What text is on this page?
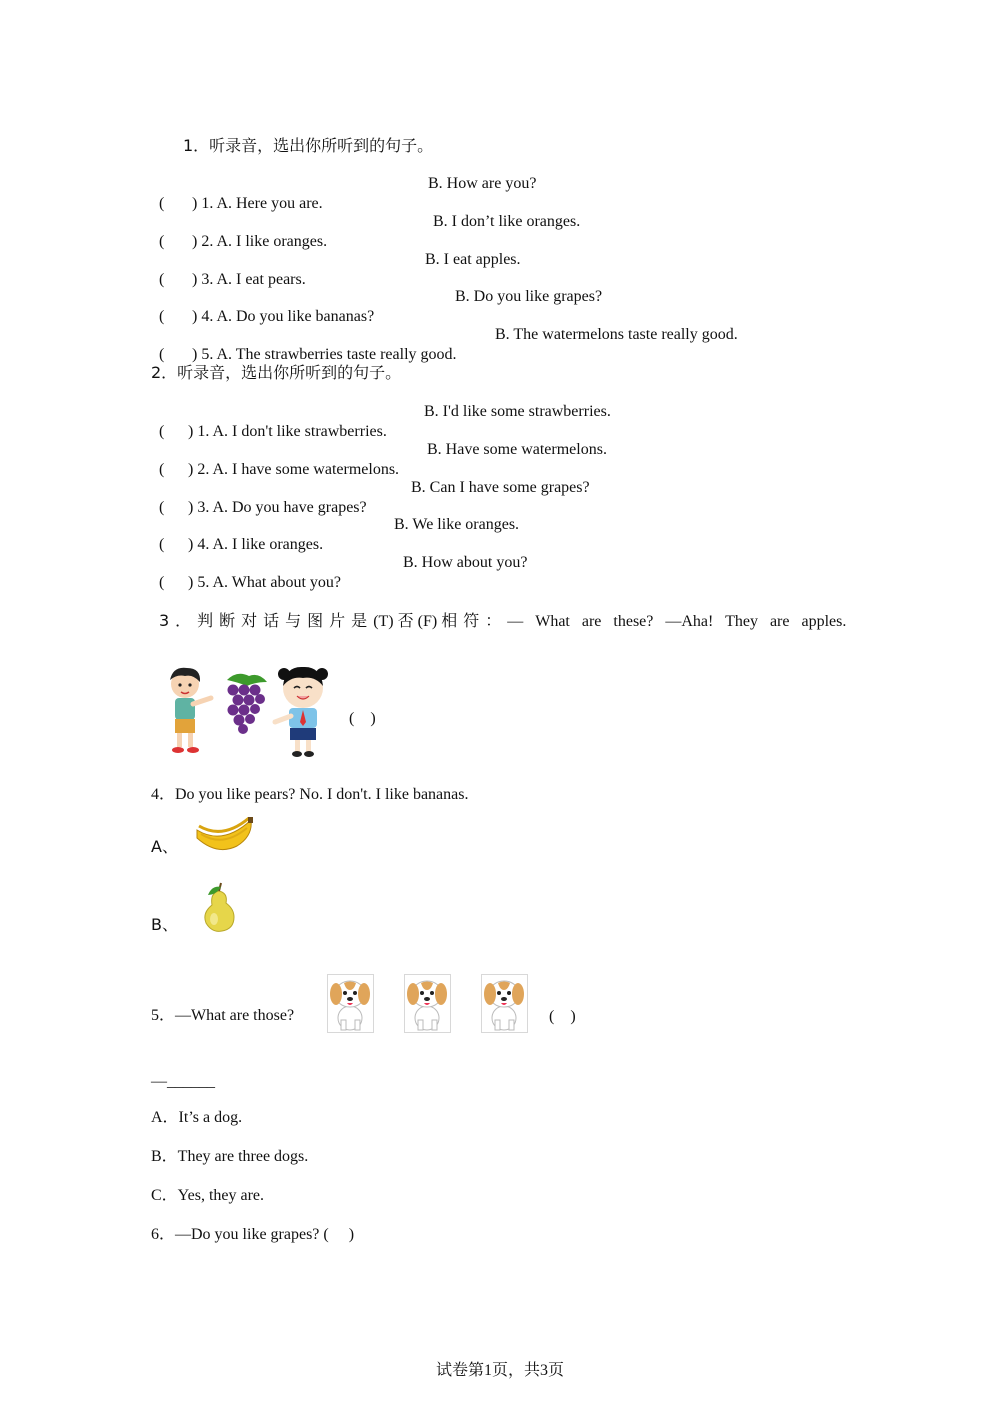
1．听录音，选出你所听到的句子。

( ) 1. A. Here you are.

B. How are you?

( ) 2. A. I like oranges.

B. I don’t like oranges.

( ) 3. A. I eat pears.

B. I eat apples.

( ) 4. A. Do you like bananas?

B. Do you like grapes?

( ) 5. A. The strawberries taste really good.

B. The watermelons taste really good.

2．听录音，选出你所听到的句子。

( ) 1. A. I don't like strawberries.

B. I'd like some strawberries.

( ) 2. A. I have some watermelons.

B. Have some watermelons.

( ) 3. A. Do you have grapes?

B. Can I have some grapes?

( ) 4. A. I like oranges.

B. We like oranges.

( ) 5. A. What about you?

B. How about you?

3．判断对话与图片是(T) 否 (F) 相符：— What are these? —Aha! They are apples.

(    )
4．Do you like pears? No. I don't. I like bananas.
A、
B、
5．—What are those?	(    )
—______
A．It’s a dog.
B．They are three dogs.
C．Yes, they are.
6．—Do you like grapes? (     )
试卷第1页，共3页
